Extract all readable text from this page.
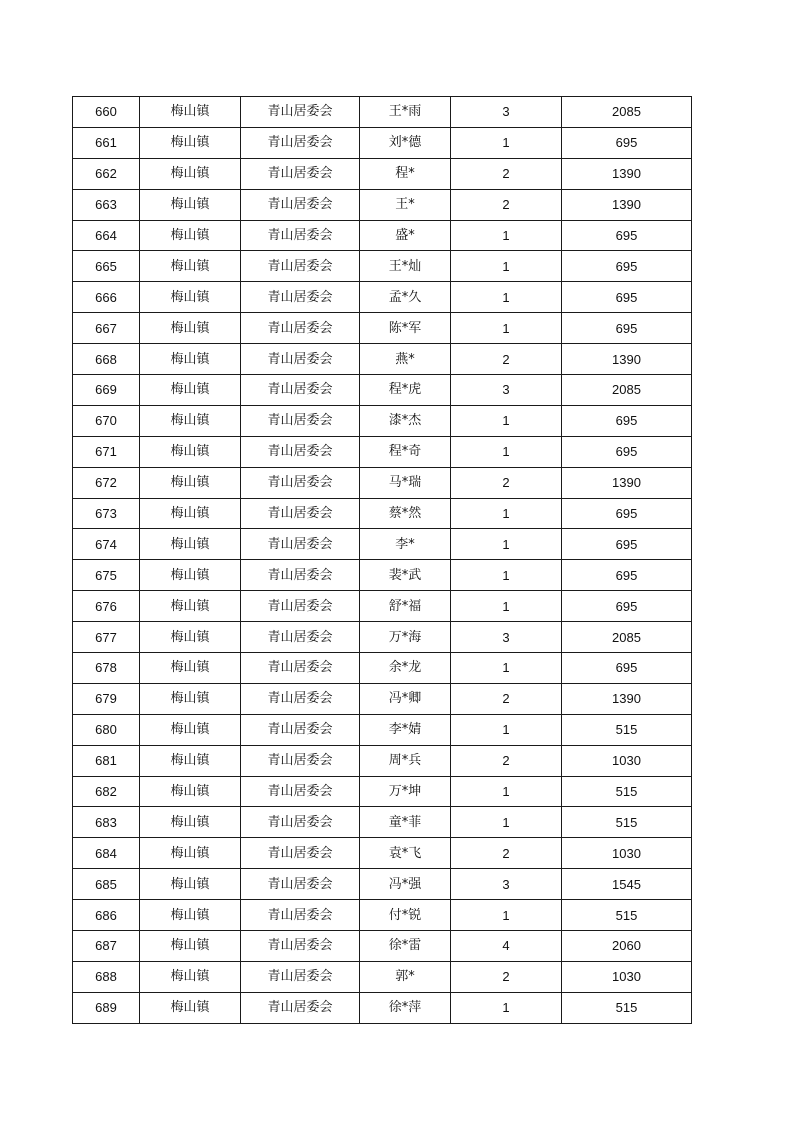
660	梅山镇	青山居委会	王*雨	3	2085
661	梅山镇	青山居委会	刘*德	1	695
662	梅山镇	青山居委会	程*	2	1390
663	梅山镇	青山居委会	王*	2	1390
664	梅山镇	青山居委会	盛*	1	695
665	梅山镇	青山居委会	王*灿	1	695
666	梅山镇	青山居委会	孟*久	1	695
667	梅山镇	青山居委会	陈*军	1	695
668	梅山镇	青山居委会	燕*	2	1390
669	梅山镇	青山居委会	程*虎	3	2085
670	梅山镇	青山居委会	漆*杰	1	695
671	梅山镇	青山居委会	程*奇	1	695
672	梅山镇	青山居委会	马*瑞	2	1390
673	梅山镇	青山居委会	蔡*然	1	695
674	梅山镇	青山居委会	李*	1	695
675	梅山镇	青山居委会	裴*武	1	695
676	梅山镇	青山居委会	舒*福	1	695
677	梅山镇	青山居委会	万*海	3	2085
678	梅山镇	青山居委会	余*龙	1	695
679	梅山镇	青山居委会	冯*卿	2	1390
680	梅山镇	青山居委会	李*婧	1	515
681	梅山镇	青山居委会	周*兵	2	1030
682	梅山镇	青山居委会	万*坤	1	515
683	梅山镇	青山居委会	童*菲	1	515
684	梅山镇	青山居委会	袁*飞	2	1030
685	梅山镇	青山居委会	冯*强	3	1545
686	梅山镇	青山居委会	付*锐	1	515
687	梅山镇	青山居委会	徐*雷	4	2060
688	梅山镇	青山居委会	郭*	2	1030
689	梅山镇	青山居委会	徐*萍	1	515
